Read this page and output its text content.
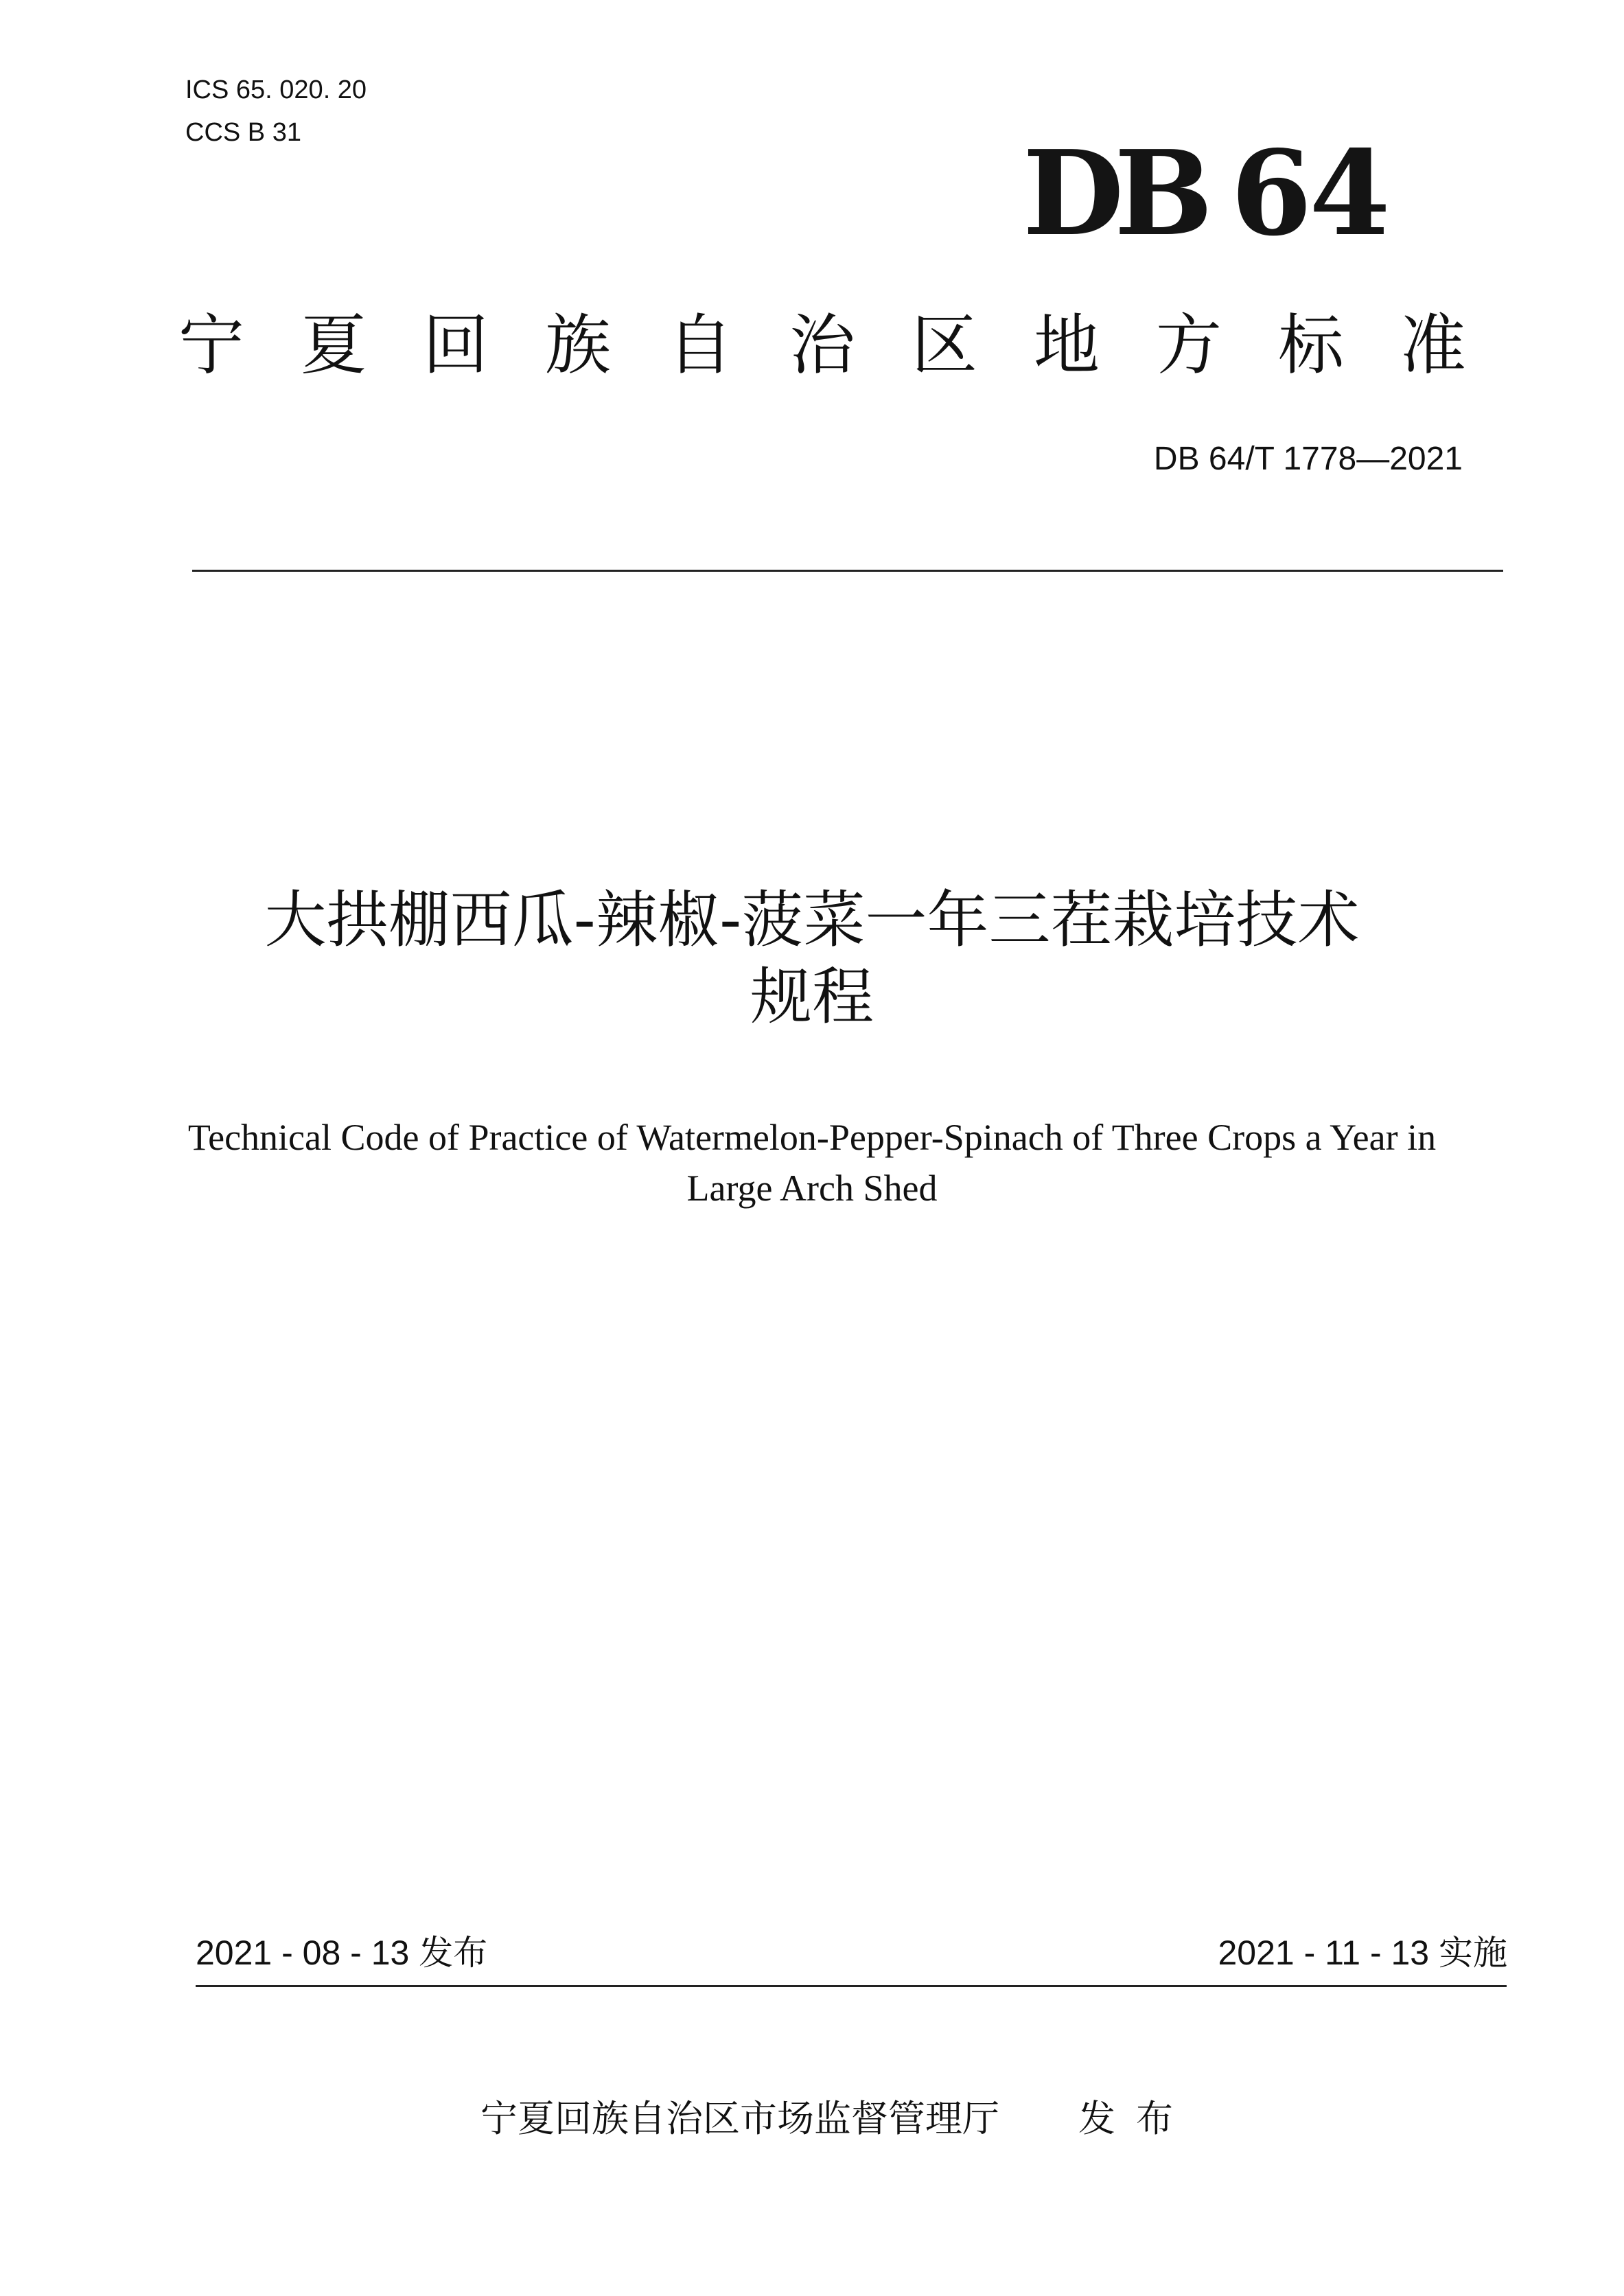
ICS 65. 020. 20
CCS B 31	DB 64
宁夏回族自治区地方标准
DB 64/T 1778—2021
大拱棚西瓜-辣椒-菠菜一年三茬栽培技术
规程
Technical Code of Practice of Watermelon-Pepper-Spinach of Three Crops a Year in
Large Arch Shed
2021 - 08 - 13 发布	2021 - 11 - 13 实施
宁夏回族自治区市场监督管理厅 发布
